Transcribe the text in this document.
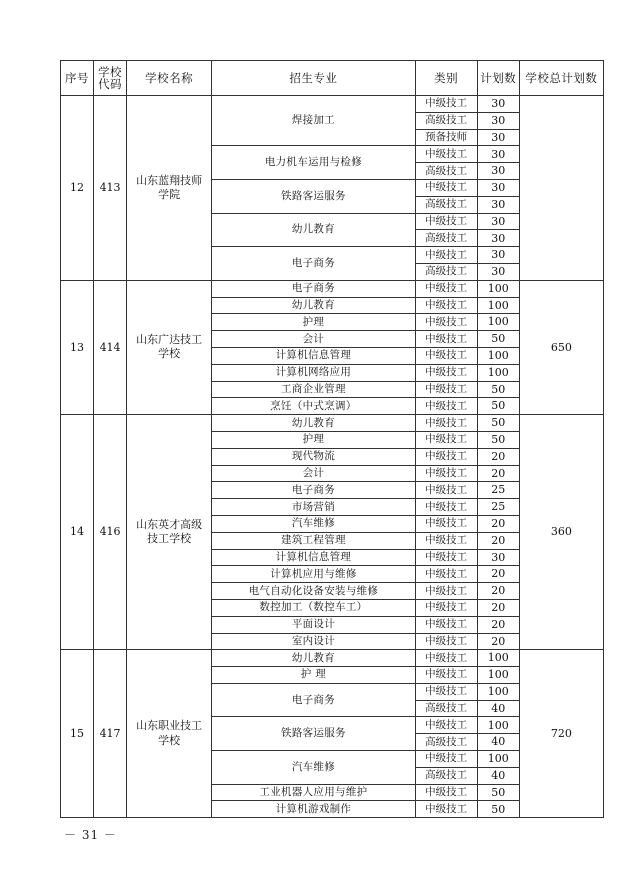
序号	学校代码	学校名称	招生专业	类别	计划数	学校总计划数
12	413	山东蓝翔技师学院	焊接加工	中级技工	30	
				高级技工	30	
				预备技师	30	
			电力机车运用与检修	中级技工	30	
				高级技工	30	
			铁路客运服务	中级技工	30	
				高级技工	30	
			幼儿教育	中级技工	30	
				高级技工	30	
			电子商务	中级技工	30	
				高级技工	30	
13	414	山东广达技工学校	电子商务	中级技工	100	650
			幼儿教育	中级技工	100	
			护理	中级技工	100	
			会计	中级技工	50	
			计算机信息管理	中级技工	100	
			计算机网络应用	中级技工	100	
			工商企业管理	中级技工	50	
			烹饪（中式烹调）	中级技工	50	
14	416	山东英才高级技工学校	幼儿教育	中级技工	50	360
			护理	中级技工	50	
			现代物流	中级技工	20	
			会计	中级技工	20	
			电子商务	中级技工	25	
			市场营销	中级技工	25	
			汽车维修	中级技工	20	
			建筑工程管理	中级技工	20	
			计算机信息管理	中级技工	30	
			计算机应用与维修	中级技工	20	
			电气自动化设备安装与维修	中级技工	20	
			数控加工（数控车工）	中级技工	20	
			平面设计	中级技工	20	
			室内设计	中级技工	20	
15	417	山东职业技工学校	幼儿教育	中级技工	100	720
			护 理	中级技工	100	
			电子商务	中级技工	100	
				高级技工	40	
			铁路客运服务	中级技工	100	
				高级技工	40	
			汽车维修	中级技工	100	
				高级技工	40	
			工业机器人应用与维护	中级技工	50	
			计算机游戏制作	中级技工	50	
－ 31 －
